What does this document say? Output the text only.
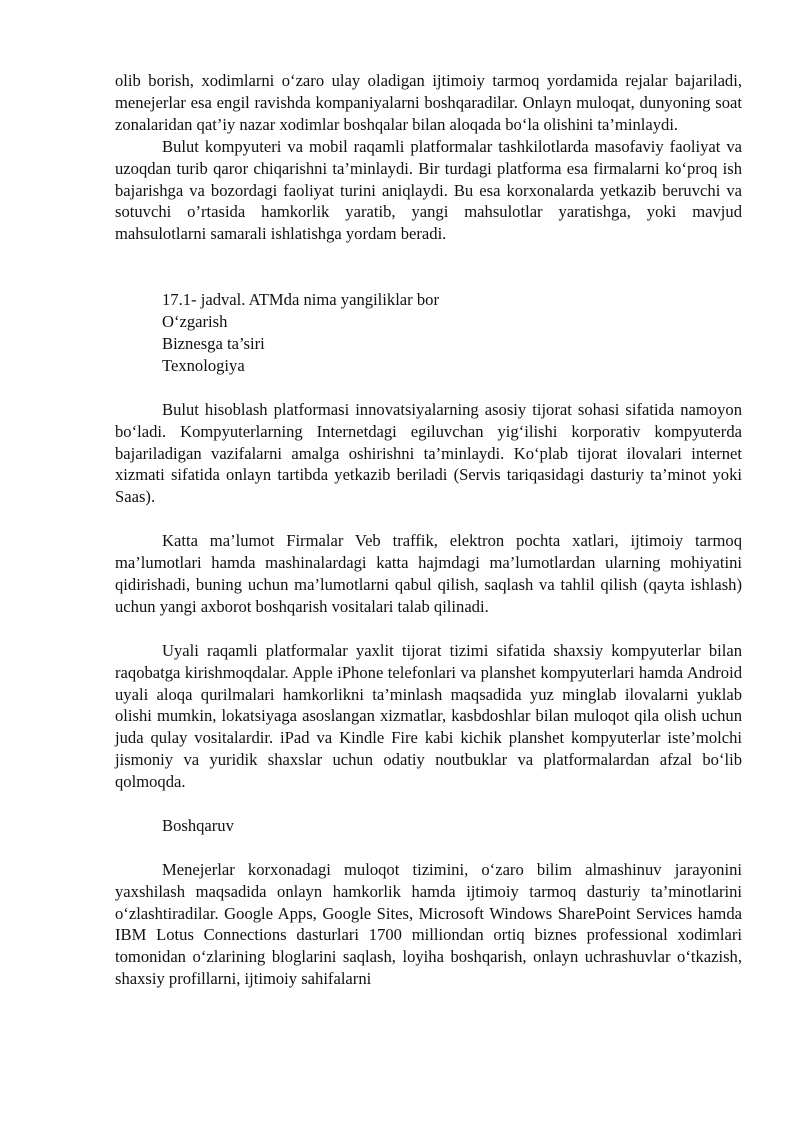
olib borish, xodimlarni o‘zaro ulay oladigan ijtimoiy tarmoq yordamida rejalar bajariladi, menejerlar esa engil ravishda kompaniyalarni boshqaradilar. Onlayn muloqat, dunyoning soat zonalaridan qat’iy nazar xodimlar boshqalar bilan aloqada bo‘la olishini ta’minlaydi.

Bulut kompyuteri va mobil raqamli platformalar tashkilotlarda masofaviy faoliyat va uzoqdan turib qaror chiqarishni ta’minlaydi. Bir turdagi platforma esa firmalarni ko‘proq ish bajarishga va bozordagi faoliyat turini aniqlaydi. Bu esa korxonalarda yetkazib beruvchi va sotuvchi o’rtasida hamkorlik yaratib, yangi mahsulotlar yaratishga, yoki mavjud mahsulotlarni samarali ishlatishga yordam beradi.

17.1- jadval. ATMda nima yangiliklar bor

O‘zgarish

Biznesga ta’siri

Texnologiya

Bulut hisoblash platformasi innovatsiyalarning asosiy tijorat sohasi sifatida namoyon bo‘ladi. Kompyuterlarning Internetdagi egiluvchan yig‘ilishi korporativ kompyuterda bajariladigan vazifalarni amalga oshirishni ta’minlaydi. Ko‘plab tijorat ilovalari internet xizmati sifatida onlayn tartibda yetkazib beriladi (Servis tariqasidagi dasturiy ta’minot yoki Saas).

Katta ma’lumot Firmalar Veb traffik, elektron pochta xatlari, ijtimoiy tarmoq ma’lumotlari hamda mashinalardagi katta hajmdagi ma’lumotlardan ularning mohiyatini qidirishadi, buning uchun ma’lumotlarni qabul qilish, saqlash va tahlil qilish (qayta ishlash) uchun yangi axborot boshqarish vositalari talab qilinadi.

Uyali raqamli platformalar yaxlit tijorat tizimi sifatida shaxsiy kompyuterlar bilan raqobatga kirishmoqdalar. Apple iPhone telefonlari va planshet kompyuterlari hamda Android uyali aloqa qurilmalari hamkorlikni ta’minlash maqsadida yuz minglab ilovalarni yuklab olishi mumkin, lokatsiyaga asoslangan xizmatlar, kasbdoshlar bilan muloqot qila olish uchun juda qulay vositalardir. iPad va Kindle Fire kabi kichik planshet kompyuterlar iste’molchi jismoniy va yuridik shaxslar uchun odatiy noutbuklar va platformalardan afzal bo‘lib qolmoqda.

Boshqaruv

Menejerlar korxonadagi muloqot tizimini, o‘zaro bilim almashinuv jarayonini yaxshilash maqsadida onlayn hamkorlik hamda ijtimoiy tarmoq dasturiy ta’minotlarini o‘zlashtiradilar. Google Apps, Google Sites, Microsoft Windows SharePoint Services hamda IBM Lotus Connections dasturlari 1700 milliondan ortiq biznes professional xodimlari tomonidan o‘zlarining bloglarini saqlash, loyiha boshqarish, onlayn uchrashuvlar o‘tkazish, shaxsiy profillarni, ijtimoiy sahifalarni
